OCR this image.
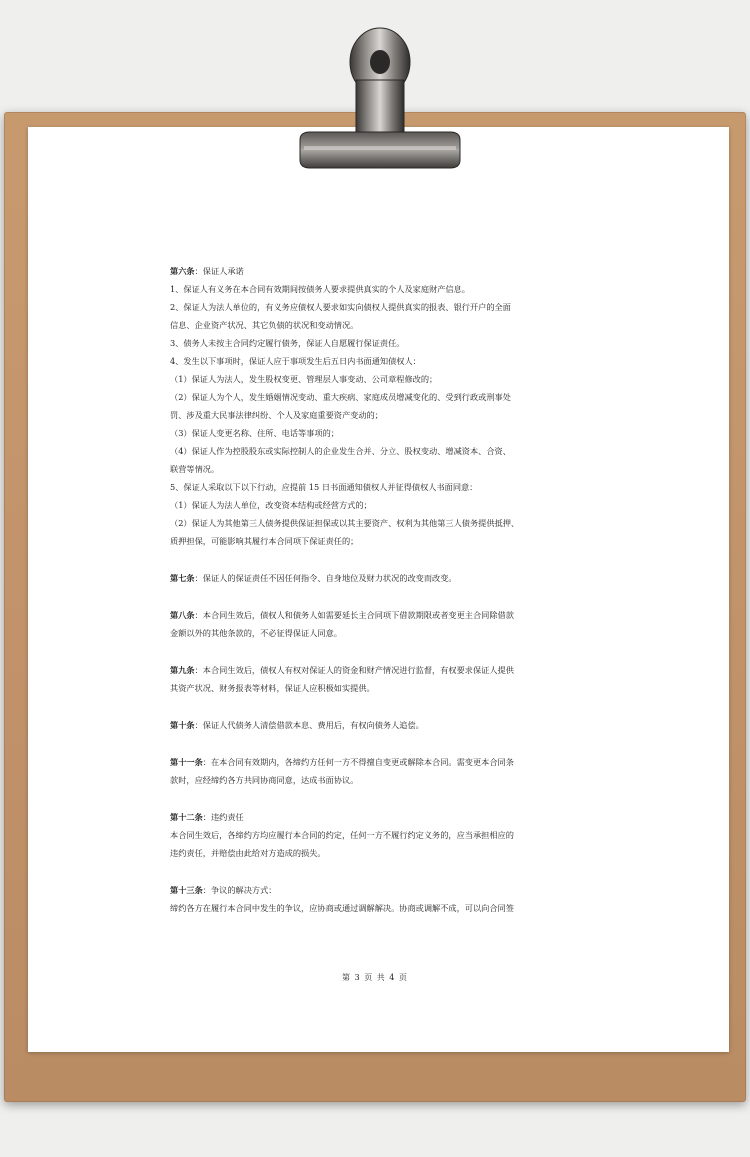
第六条：保证人承诺

1、保证人有义务在本合同有效期间按债务人要求提供真实的个人及家庭财产信息。

2、保证人为法人单位的，有义务应债权人要求如实向债权人提供真实的报表、银行开户的全面

信息、企业资产状况、其它负债的状况和变动情况。

3、债务人未按主合同约定履行债务，保证人自愿履行保证责任。

4、发生以下事项时，保证人应于事项发生后五日内书面通知债权人：

（1）保证人为法人，发生股权变更、管理层人事变动、公司章程修改的；

（2）保证人为个人，发生婚姻情况变动、重大疾病、家庭成员增减变化的、受到行政或刑事处

罚、涉及重大民事法律纠纷、个人及家庭重要资产变动的；

（3）保证人变更名称、住所、电话等事项的；

（4）保证人作为控股股东或实际控制人的企业发生合并、分立、股权变动、增减资本、合资、

联营等情况。

5、保证人采取以下以下行动，应提前 15 日书面通知债权人并征得债权人书面同意：

（1）保证人为法人单位，改变资本结构或经营方式的；

（2）保证人为其他第三人债务提供保证担保或以其主要资产、权利为其他第三人债务提供抵押、

质押担保，可能影响其履行本合同项下保证责任的；

第七条：保证人的保证责任不因任何指令、自身地位及财力状况的改变而改变。

第八条：本合同生效后，债权人和债务人如需要延长主合同项下借款期限或者变更主合同除借款

金额以外的其他条款的，不必征得保证人同意。

第九条：本合同生效后，债权人有权对保证人的资金和财产情况进行监督，有权要求保证人提供

其资产状况、财务报表等材料，保证人应积极如实提供。

第十条：保证人代债务人清偿借款本息、费用后，有权向债务人追偿。

第十一条：在本合同有效期内，各缔约方任何一方不得擅自变更或解除本合同。需变更本合同条

款时，应经缔约各方共同协商同意，达成书面协议。

第十二条：违约责任

本合同生效后，各缔约方均应履行本合同的约定，任何一方不履行约定义务的，应当承担相应的

违约责任，并赔偿由此给对方造成的损失。

第十三条：争议的解决方式：

缔约各方在履行本合同中发生的争议，应协商或通过调解解决。协商或调解不成，可以向合同签

第 3 页 共 4 页
